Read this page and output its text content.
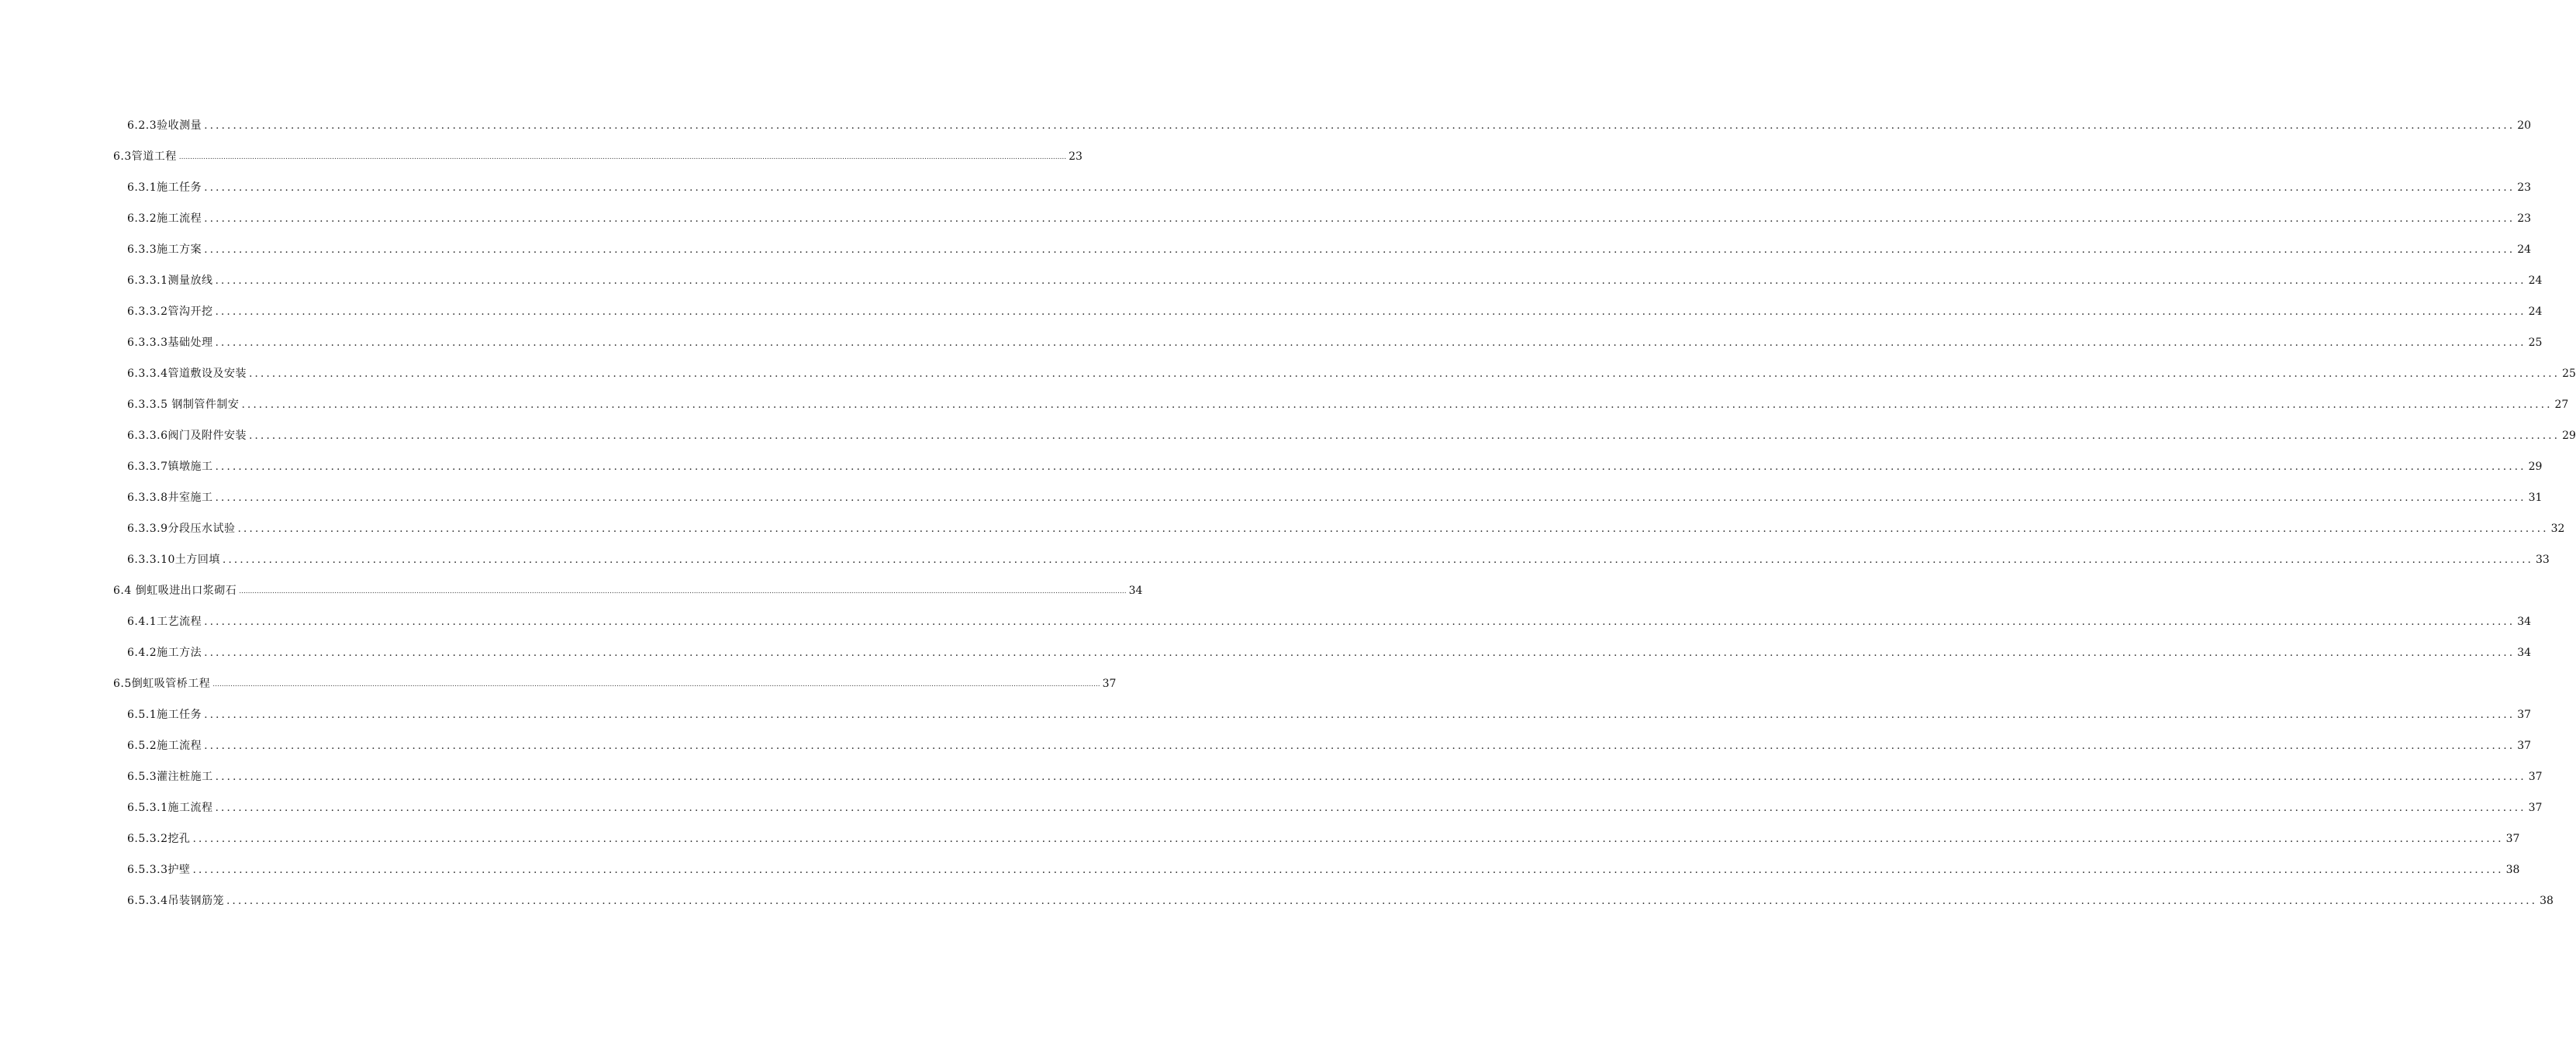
6.2.3验收测量 ................................................................................................................................................................................................................................................................................................................................................................................................................ 20
6.3管道工程 ................................................................................................................................................................................................................................................................................................................................................................................................................ 23
6.3.1施工任务 ................................................................................................................................................................................................................................................................................................................................................................................................................ 23
6.3.2施工流程 ................................................................................................................................................................................................................................................................................................................................................................................................................ 23
6.3.3施工方案 ................................................................................................................................................................................................................................................................................................................................................................................................................ 24
6.3.3.1测量放线 ................................................................................................................................................................................................................................................................................................................................................................................................................ 24
6.3.3.2管沟开挖 ................................................................................................................................................................................................................................................................................................................................................................................................................ 24
6.3.3.3基础处理 ................................................................................................................................................................................................................................................................................................................................................................................................................ 25
6.3.3.4管道敷设及安装 ................................................................................................................................................................................................................................................................................................................................................................................................................ 25
6.3.3.5 钢制管件制安 ................................................................................................................................................................................................................................................................................................................................................................................................................ 27
6.3.3.6阀门及附件安装 ................................................................................................................................................................................................................................................................................................................................................................................................................ 29
6.3.3.7镇墩施工 ................................................................................................................................................................................................................................................................................................................................................................................................................ 29
6.3.3.8井室施工 ................................................................................................................................................................................................................................................................................................................................................................................................................ 31
6.3.3.9分段压水试验 ................................................................................................................................................................................................................................................................................................................................................................................................................ 32
6.3.3.10土方回填 ................................................................................................................................................................................................................................................................................................................................................................................................................ 33
6.4 倒虹吸进出口浆砌石 ................................................................................................................................................................................................................................................................................................................................................................................................................ 34
6.4.1工艺流程 ................................................................................................................................................................................................................................................................................................................................................................................................................ 34
6.4.2施工方法 ................................................................................................................................................................................................................................................................................................................................................................................................................ 34
6.5倒虹吸管桥工程 ................................................................................................................................................................................................................................................................................................................................................................................................................ 37
6.5.1施工任务 ................................................................................................................................................................................................................................................................................................................................................................................................................ 37
6.5.2施工流程 ................................................................................................................................................................................................................................................................................................................................................................................................................ 37
6.5.3灌注桩施工 ................................................................................................................................................................................................................................................................................................................................................................................................................ 37
6.5.3.1施工流程 ................................................................................................................................................................................................................................................................................................................................................................................................................ 37
6.5.3.2挖孔 ................................................................................................................................................................................................................................................................................................................................................................................................................ 37
6.5.3.3护壁 ................................................................................................................................................................................................................................................................................................................................................................................................................ 38
6.5.3.4吊装钢筋笼 ................................................................................................................................................................................................................................................................................................................................................................................................................ 38
